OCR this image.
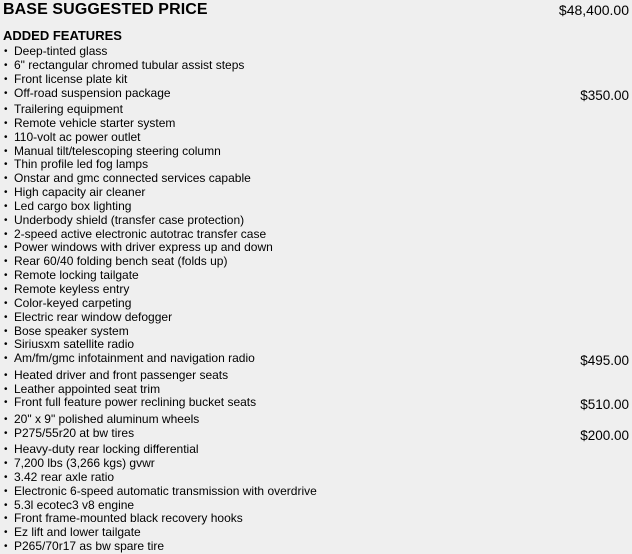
BASE SUGGESTED PRICE	$48,400.00
ADDED FEATURES
• Deep-tinted glass
• 6" rectangular chromed tubular assist steps
• Front license plate kit
• Off-road suspension package	$350.00
• Trailering equipment
• Remote vehicle starter system
• 110-volt ac power outlet
• Manual tilt/telescoping steering column
• Thin profile led fog lamps
• Onstar and gmc connected services capable
• High capacity air cleaner
• Led cargo box lighting
• Underbody shield (transfer case protection)
• 2-speed active electronic autotrac transfer case
• Power windows with driver express up and down
• Rear 60/40 folding bench seat (folds up)
• Remote locking tailgate
• Remote keyless entry
• Color-keyed carpeting
• Electric rear window defogger
• Bose speaker system
• Siriusxm satellite radio
• Am/fm/gmc infotainment and navigation radio	$495.00
• Heated driver and front passenger seats
• Leather appointed seat trim
• Front full feature power reclining bucket seats	$510.00
• 20" x 9" polished aluminum wheels
• P275/55r20 at bw tires	$200.00
• Heavy-duty rear locking differential
• 7,200 lbs (3,266 kgs) gvwr
• 3.42 rear axle ratio
• Electronic 6-speed automatic transmission with overdrive
• 5.3l ecotec3 v8 engine
• Front frame-mounted black recovery hooks
• Ez lift and lower tailgate
• P265/70r17 as bw spare tire
